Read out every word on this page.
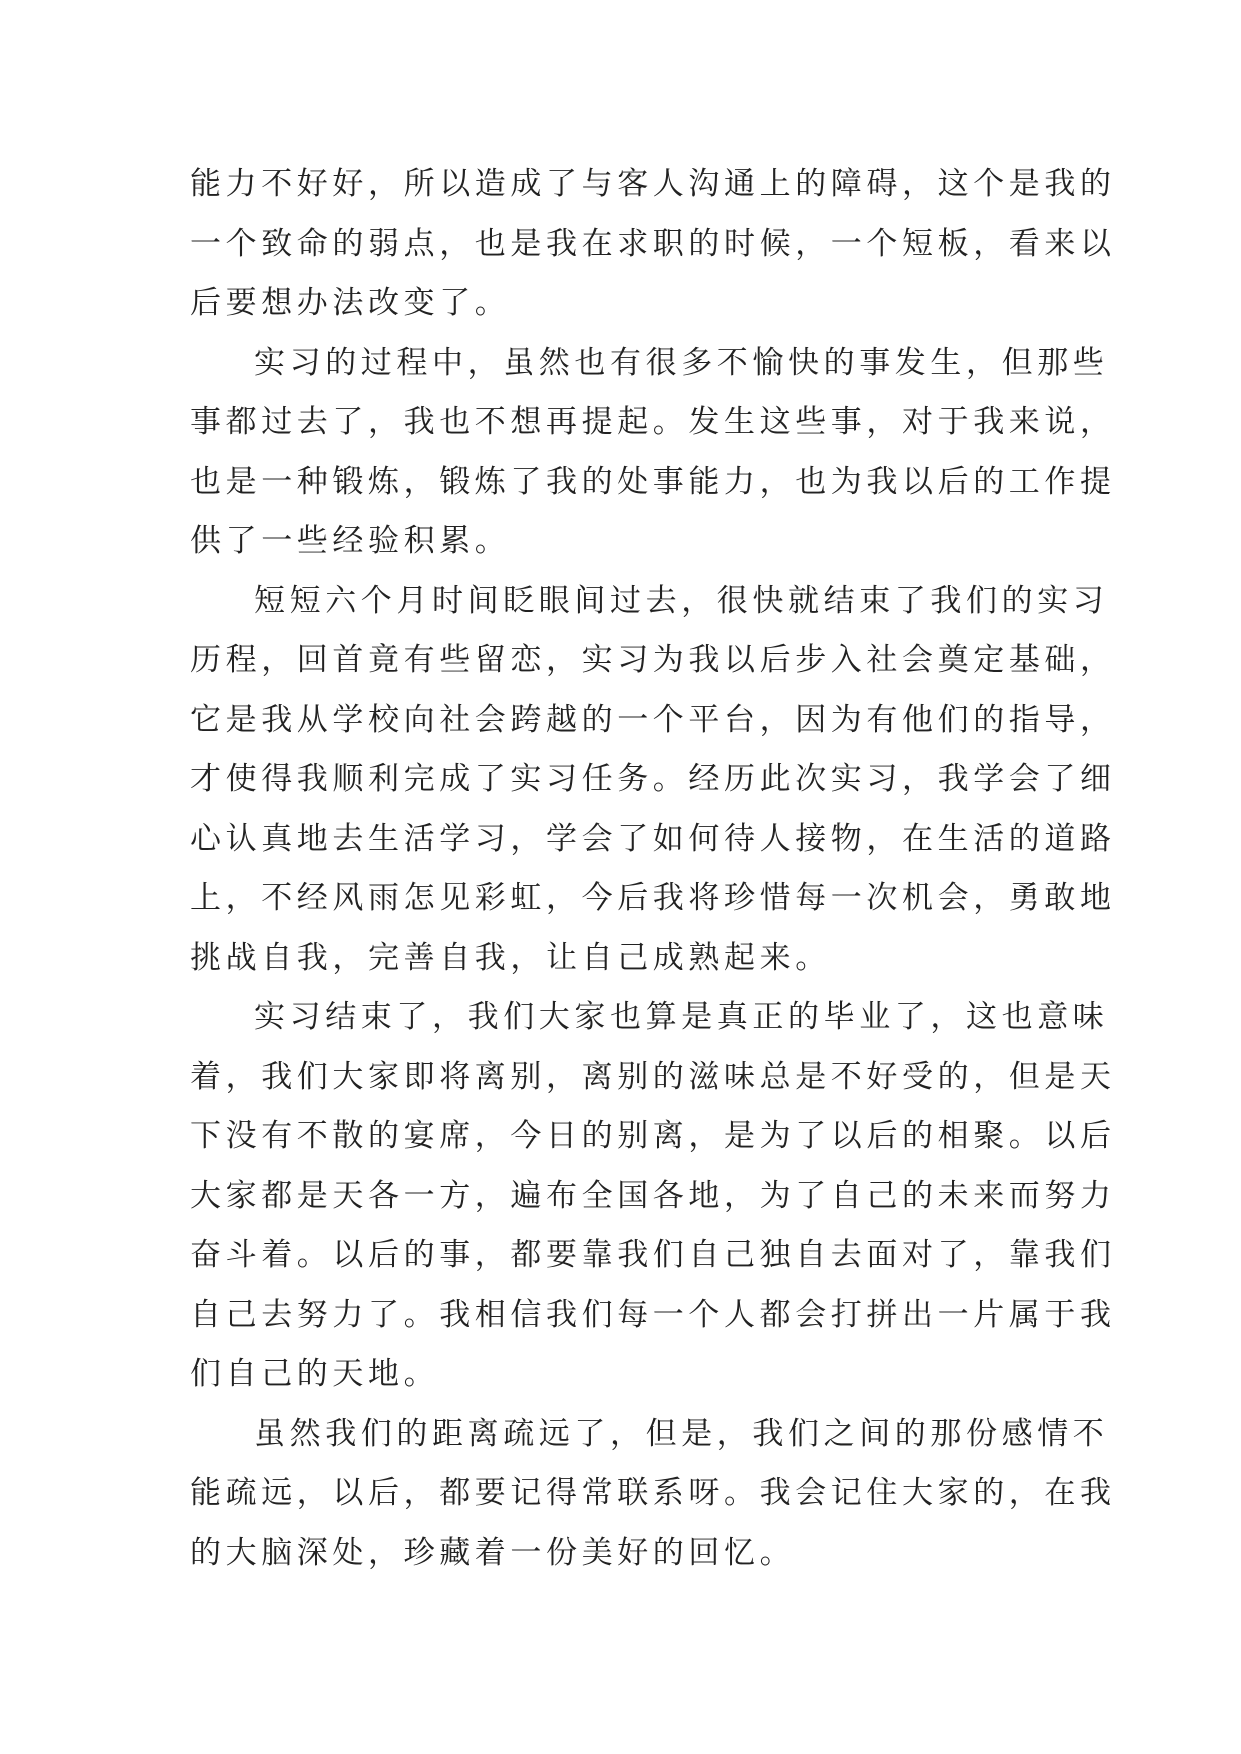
能力不好好，所以造成了与客人沟通上的障碍，这个是我的
一个致命的弱点，也是我在求职的时候，一个短板，看来以
后要想办法改变了。
实习的过程中，虽然也有很多不愉快的事发生，但那些
事都过去了，我也不想再提起。发生这些事，对于我来说，
也是一种锻炼，锻炼了我的处事能力，也为我以后的工作提
供了一些经验积累。
短短六个月时间眨眼间过去，很快就结束了我们的实习
历程，回首竟有些留恋，实习为我以后步入社会奠定基础，
它是我从学校向社会跨越的一个平台，因为有他们的指导，
才使得我顺利完成了实习任务。经历此次实习，我学会了细
心认真地去生活学习，学会了如何待人接物，在生活的道路
上，不经风雨怎见彩虹，今后我将珍惜每一次机会，勇敢地
挑战自我，完善自我，让自己成熟起来。
实习结束了，我们大家也算是真正的毕业了，这也意味
着，我们大家即将离别，离别的滋味总是不好受的，但是天
下没有不散的宴席，今日的别离，是为了以后的相聚。以后
大家都是天各一方，遍布全国各地，为了自己的未来而努力
奋斗着。以后的事，都要靠我们自己独自去面对了，靠我们
自己去努力了。我相信我们每一个人都会打拼出一片属于我
们自己的天地。
虽然我们的距离疏远了，但是，我们之间的那份感情不
能疏远，以后，都要记得常联系呀。我会记住大家的，在我
的大脑深处，珍藏着一份美好的回忆。
